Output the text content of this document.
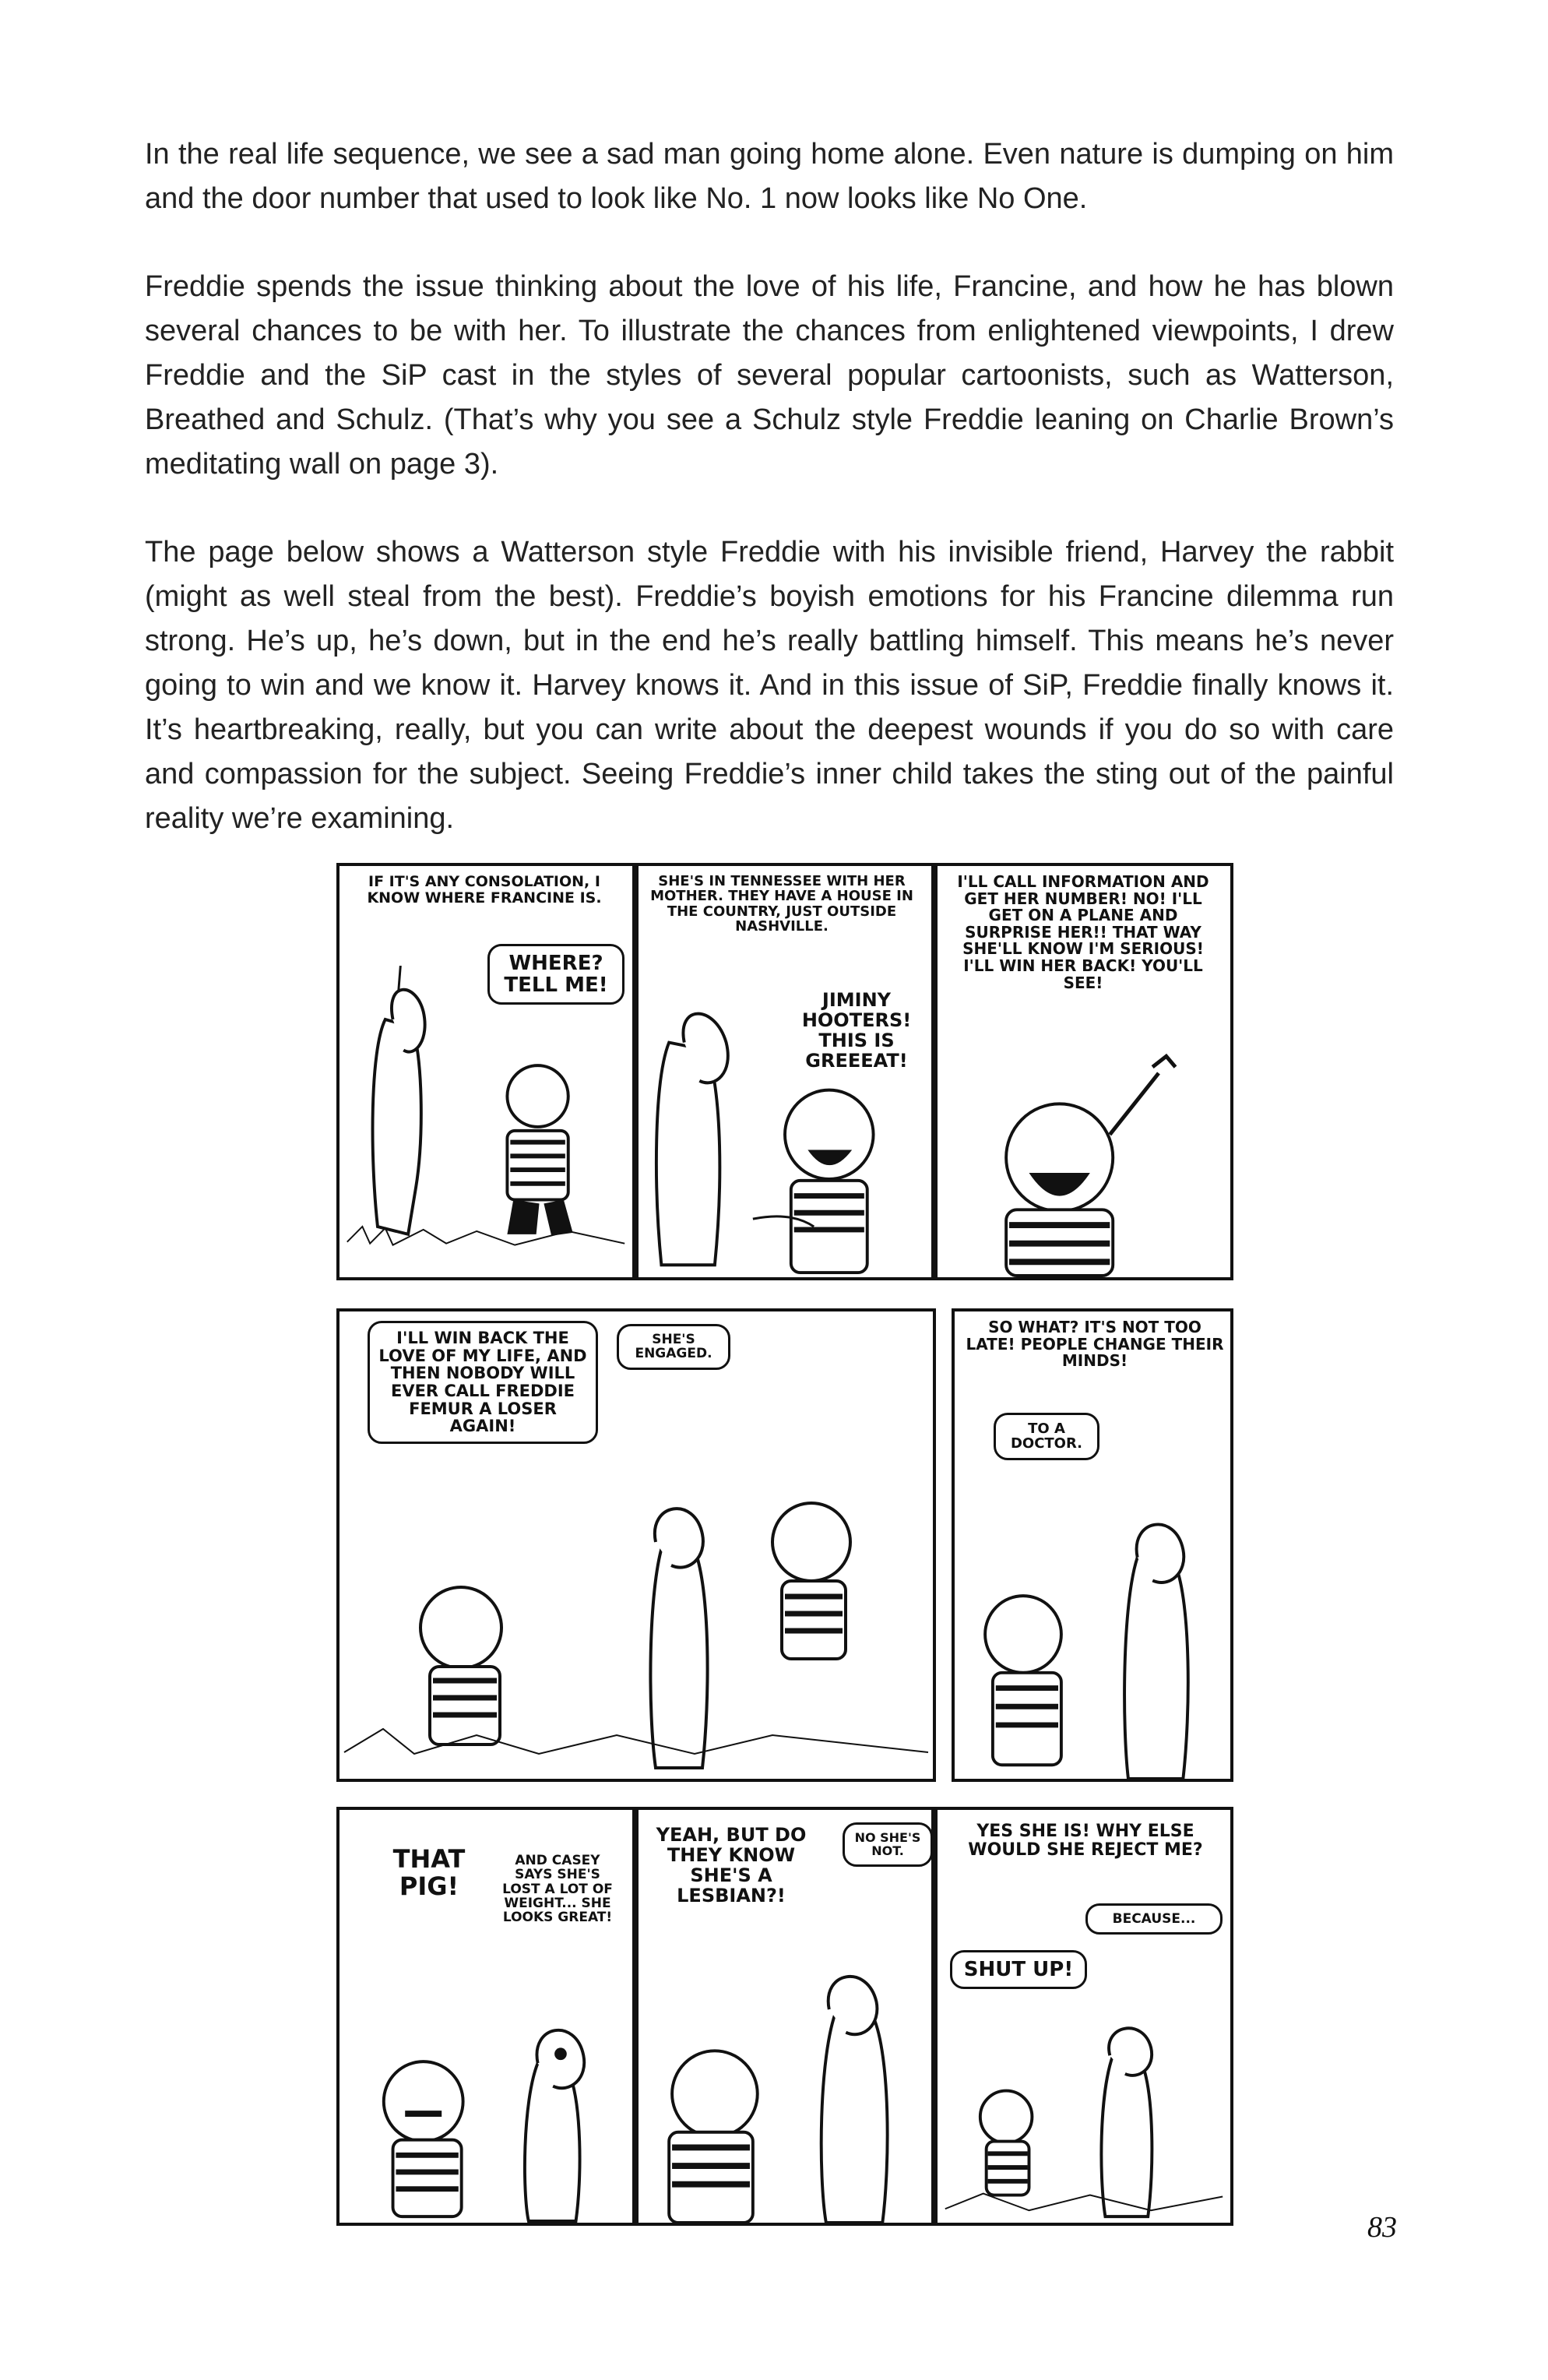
In the real life sequence, we see a sad man going home alone. Even nature is dumping on him and the door number that used to look like No. 1 now looks like No One.

Freddie spends the issue thinking about the love of his life, Francine, and how he has blown several chances to be with her. To illustrate the chances from enlightened viewpoints, I drew Freddie and the SiP cast in the styles of several popular cartoonists, such as Watterson, Breathed and Schulz. (That’s why you see a Schulz style Freddie leaning on Charlie Brown’s meditating wall on page 3).

The page below shows a Watterson style Freddie with his invisible friend, Harvey the rabbit (might as well steal from the best). Freddie’s boyish emotions for his Francine dilemma run strong. He’s up, he’s down, but in the end he’s really battling himself. This means he’s never going to win and we know it. Harvey knows it. And in this issue of SiP, Freddie finally knows it. It’s heartbreaking, really, but you can write about the deepest wounds if you do so with care and compassion for the subject. Seeing Freddie’s inner child takes the sting out of the painful reality we’re examining.

IF IT'S ANY CONSOLATION, I KNOW WHERE FRANCINE IS.
WHERE? TELL ME!
SHE'S IN TENNESSEE WITH HER MOTHER. THEY HAVE A HOUSE IN THE COUNTRY, JUST OUTSIDE NASHVILLE.
JIMINY HOOTERS! THIS IS GREEEAT!
I'LL CALL INFORMATION AND GET HER NUMBER! NO! I'LL GET ON A PLANE AND SURPRISE HER!! THAT WAY SHE'LL KNOW I'M SERIOUS! I'LL WIN HER BACK! YOU'LL SEE!
I'LL WIN BACK THE LOVE OF MY LIFE, AND THEN NOBODY WILL EVER CALL FREDDIE FEMUR A LOSER AGAIN!
SHE'S ENGAGED.
SO WHAT? IT'S NOT TOO LATE! PEOPLE CHANGE THEIR MINDS!
TO A DOCTOR.
THAT PIG!
AND CASEY SAYS SHE'S LOST A LOT OF WEIGHT... SHE LOOKS GREAT!
YEAH, BUT DO THEY KNOW SHE'S A LESBIAN?!
NO SHE'S NOT.
YES SHE IS! WHY ELSE WOULD SHE REJECT ME?
BECAUSE...
SHUT UP!
83
